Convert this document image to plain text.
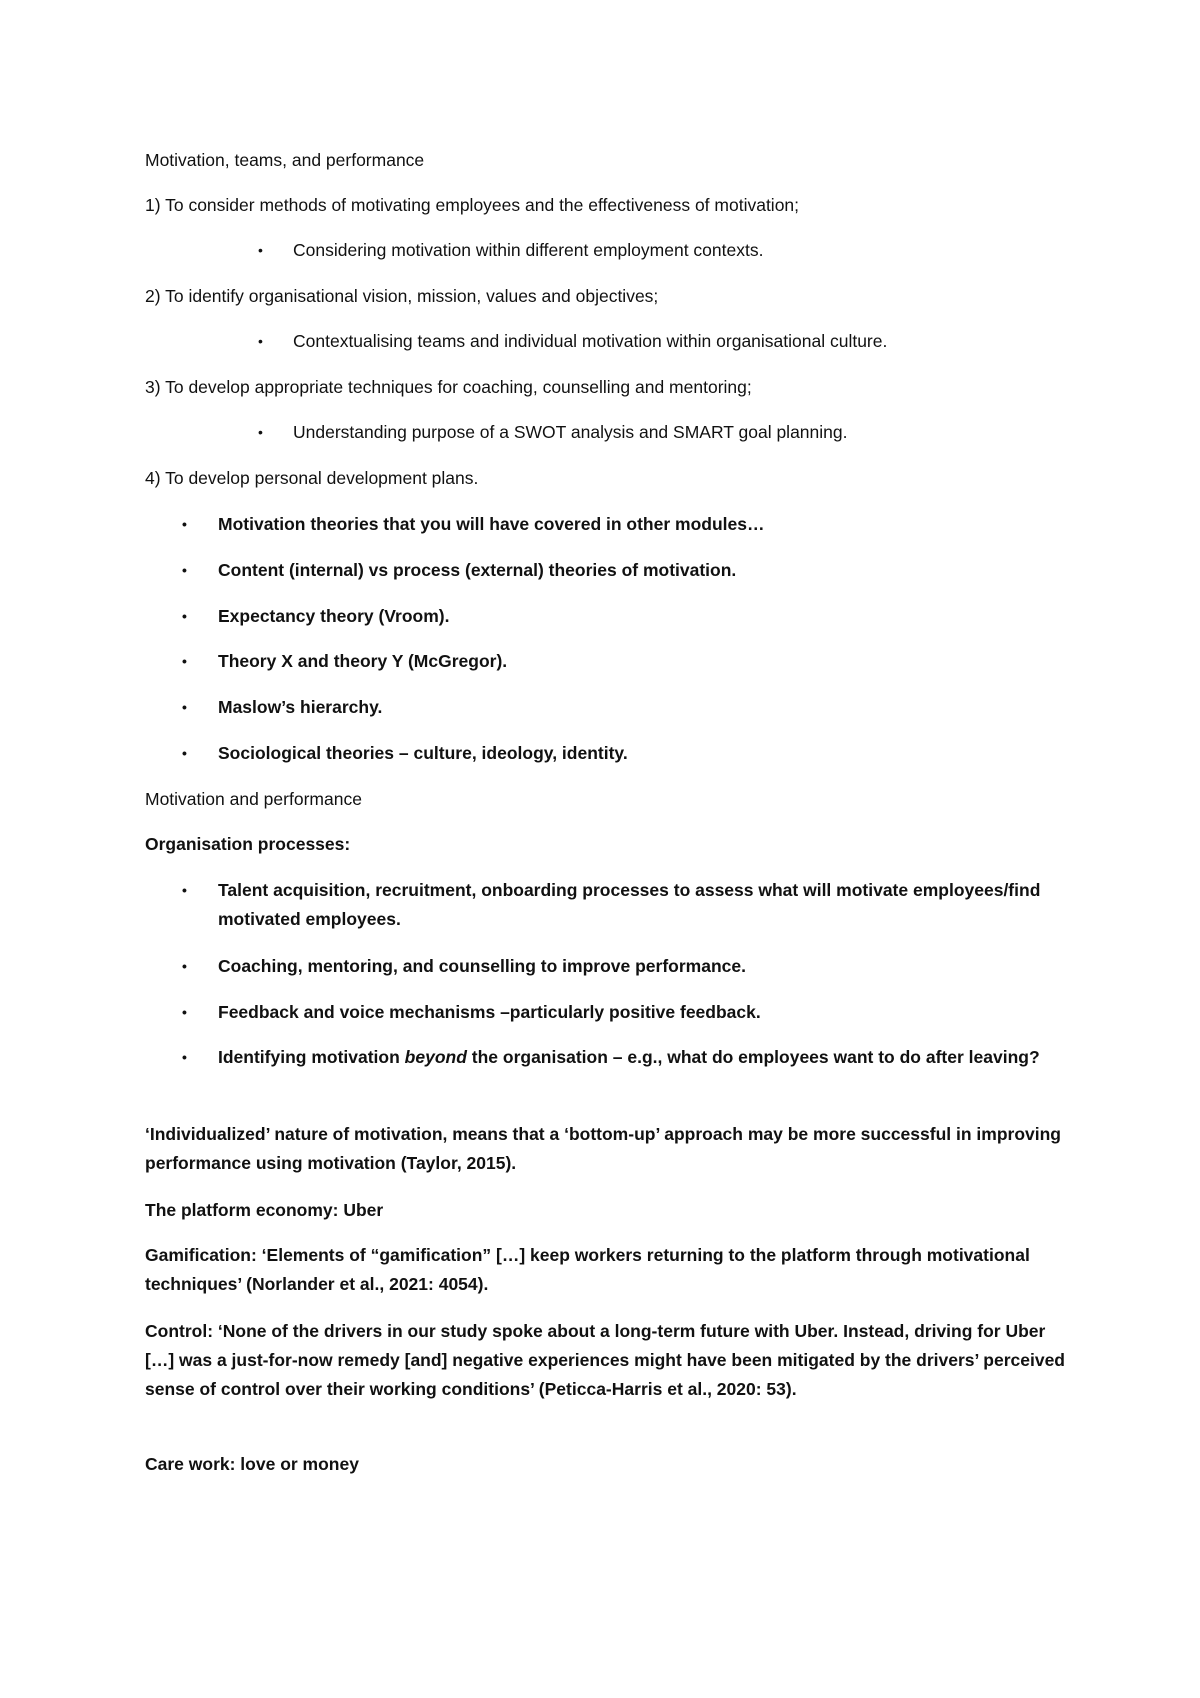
Motivation, teams, and performance

1) To consider methods of motivating employees and the effectiveness of motivation;

•	Considering motivation within different employment contexts.

2) To identify organisational vision, mission, values and objectives;

•	Contextualising teams and individual motivation within organisational culture.

3) To develop appropriate techniques for coaching, counselling and mentoring;

•	Understanding purpose of a SWOT analysis and SMART goal planning.

4) To develop personal development plans.

•	Motivation theories that you will have covered in other modules…
•	Content (internal) vs process (external) theories of motivation.
•	Expectancy theory (Vroom).
•	Theory X and theory Y (McGregor).
•	Maslow’s hierarchy.
•	Sociological theories – culture, ideology, identity.

Motivation and performance

Organisation processes:

•	Talent acquisition, recruitment, onboarding processes to assess what will motivate employees/find motivated employees.
•	Coaching, mentoring, and counselling to improve performance.
•	Feedback and voice mechanisms –particularly positive feedback.
•	Identifying motivation beyond the organisation – e.g., what do employees want to do after leaving?

‘Individualized’ nature of motivation, means that a ‘bottom-up’ approach may be more successful in improving performance using motivation (Taylor, 2015).

The platform economy: Uber

Gamification: ‘Elements of “gamification” […] keep workers returning to the platform through motivational techniques’ (Norlander et al., 2021: 4054).

Control: ‘None of the drivers in our study spoke about a long-term future with Uber. Instead, driving for Uber […] was a just-for-now remedy [and] negative experiences might have been mitigated by the drivers’ perceived sense of control over their working conditions’ (Peticca-Harris et al., 2020: 53).

Care work: love or money
